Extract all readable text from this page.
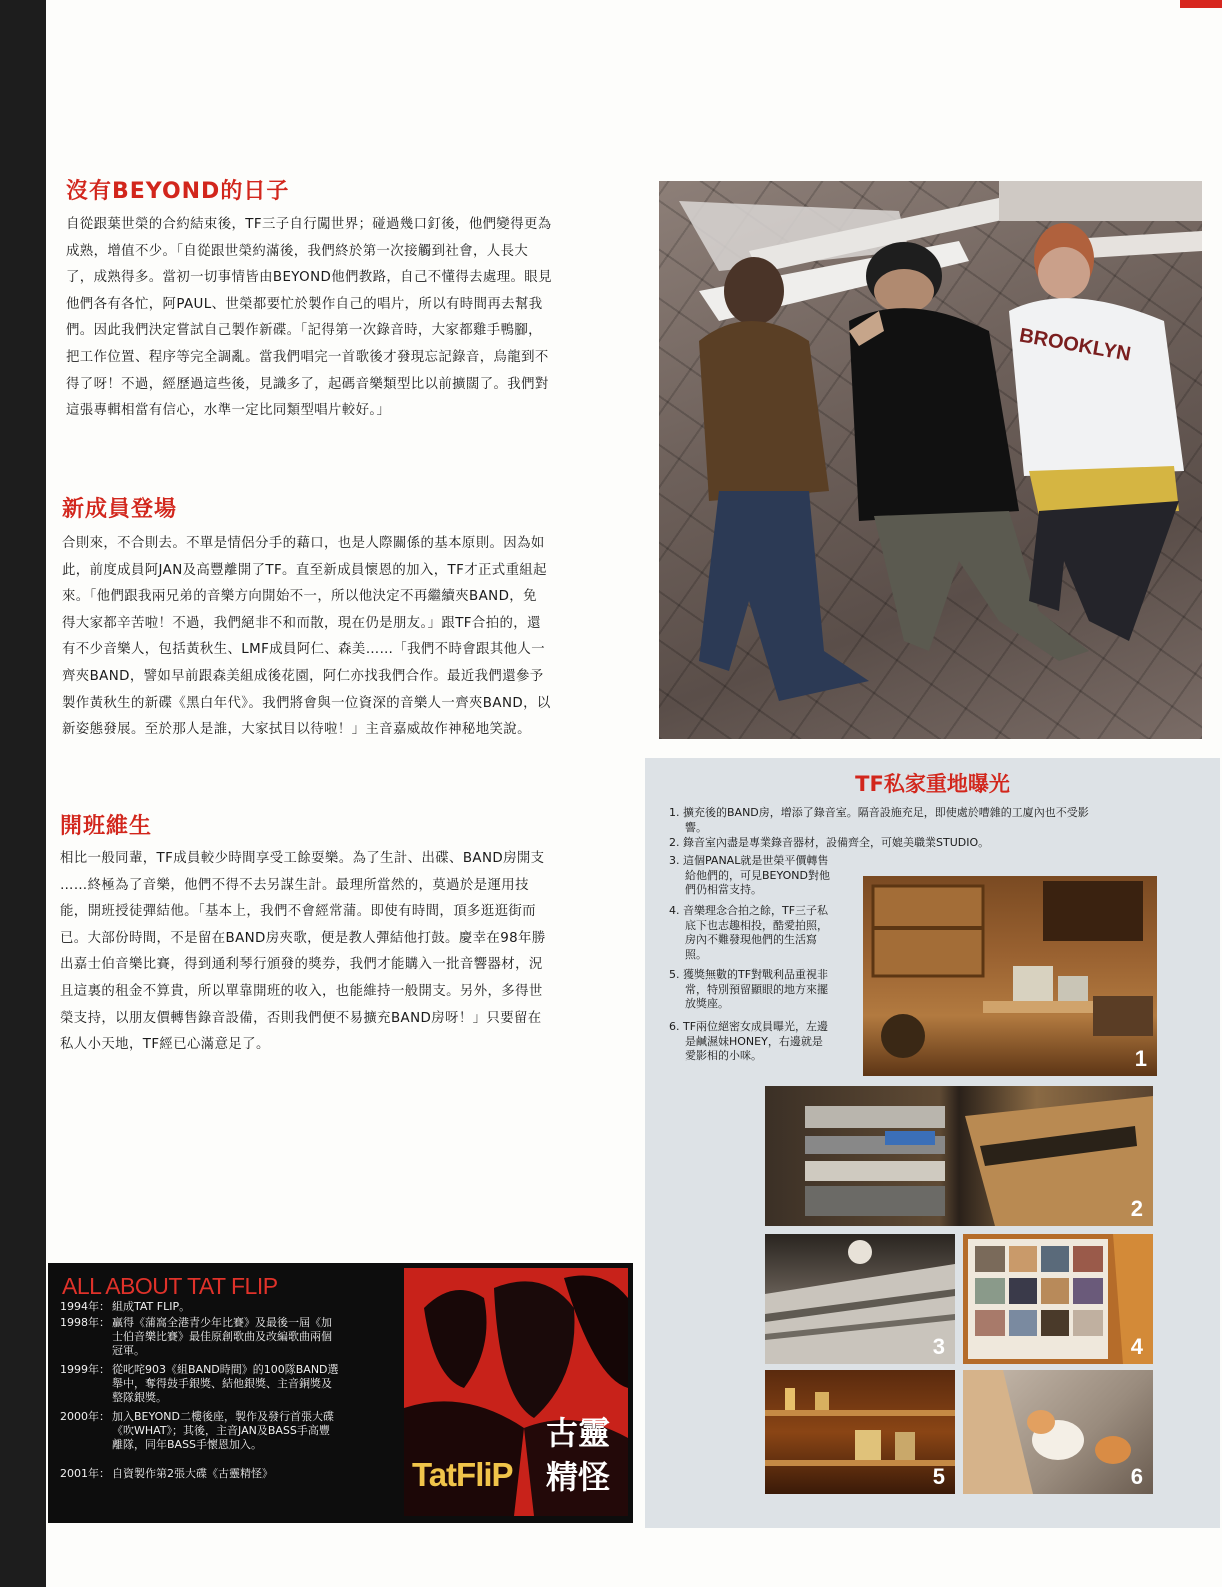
沒有BEYOND的日子
自從跟葉世榮的合約結束後，TF三子自行闖世界；碰過幾口釘後，他們變得更為
成熟，增值不少。「自從跟世榮約滿後，我們終於第一次接觸到社會，人長大
了，成熟得多。當初一切事情皆由BEYOND他們教路，自己不懂得去處理。眼見
他們各有各忙，阿PAUL、世榮都要忙於製作自己的唱片，所以有時間再去幫我
們。因此我們決定嘗試自己製作新碟。「記得第一次錄音時，大家都雞手鴨腳，
把工作位置、程序等完全調亂。當我們唱完一首歌後才發現忘記錄音，烏龍到不
得了呀！不過，經歷過這些後，見識多了，起碼音樂類型比以前擴闊了。我們對
這張專輯相當有信心，水準一定比同類型唱片較好。」
新成員登場
合則來，不合則去。不單是情侶分手的藉口，也是人際關係的基本原則。因為如
此，前度成員阿JAN及高豐離開了TF。直至新成員懷恩的加入，TF才正式重組起
來。「他們跟我兩兄弟的音樂方向開始不一，所以他決定不再繼續夾BAND，免
得大家都辛苦啦！不過，我們絕非不和而散，現在仍是朋友。」跟TF合拍的，還
有不少音樂人，包括黃秋生、LMF成員阿仁、森美……「我們不時會跟其他人一
齊夾BAND，譬如早前跟森美組成後花園，阿仁亦找我們合作。最近我們還參予
製作黃秋生的新碟《黑白年代》。我們將會與一位資深的音樂人一齊夾BAND，以
新姿態發展。至於那人是誰，大家拭目以待啦！」主音嘉威故作神秘地笑說。
開班維生
相比一般同輩，TF成員較少時間享受工餘耍樂。為了生計、出碟、BAND房開支
……終極為了音樂，他們不得不去另謀生計。最理所當然的，莫過於是運用技
能，開班授徒彈結他。「基本上，我們不會經常蒲。即使有時間，頂多逛逛街而
已。大部份時間，不是留在BAND房夾歌，便是教人彈結他打鼓。慶幸在98年勝
出嘉士伯音樂比賽，得到通利琴行頒發的獎券，我們才能購入一批音響器材，況
且這裏的租金不算貴，所以單靠開班的收入，也能維持一般開支。另外，多得世
榮支持，以朋友價轉售錄音設備，否則我們便不易擴充BAND房呀！」只要留在
私人小天地，TF經已心滿意足了。
BROOKLYN
TF私家重地曝光
1. 擴充後的BAND房，增添了錄音室。隔音設施充足，即使處於嘈雜的工廈內也不受影
響。
2. 錄音室內盡是專業錄音器材，設備齊全，可媲美職業STUDIO。
3. 這個PANAL就是世榮平價轉售
給他們的，可見BEYOND對他
們仍相當支持。
4. 音樂理念合拍之餘，TF三子私
底下也志趣相投，酷愛拍照，
房內不難發現他們的生活寫
照。
5. 獲獎無數的TF對戰利品重視非
常，特別預留顯眼的地方來擺
放獎座。
6. TF兩位絕密女成員曝光，左邊
是鹹濕妹HONEY，右邊就是
愛影相的小咪。	1
2
3	4
5	6
ALL ABOUT TAT FLIP
1994年： 組成TAT FLIP。
1998年： 贏得《蒲窩全港青少年比賽》及最後一屆《加
士伯音樂比賽》最佳原創歌曲及改編歌曲兩個
冠軍。
1999年： 從叱咤903《組BAND時間》的100隊BAND選
舉中，奪得鼓手銀獎、結他銀獎、主音銅獎及
整隊銀獎。
2000年： 加入BEYOND二樓後座，製作及發行首張大碟
《吹WHAT》；其後，主音JAN及BASS手高豐
離隊，同年BASS手懷恩加入。
2001年： 自資製作第2張大碟《古靈精怪》
古靈
精怪
TatFliP
